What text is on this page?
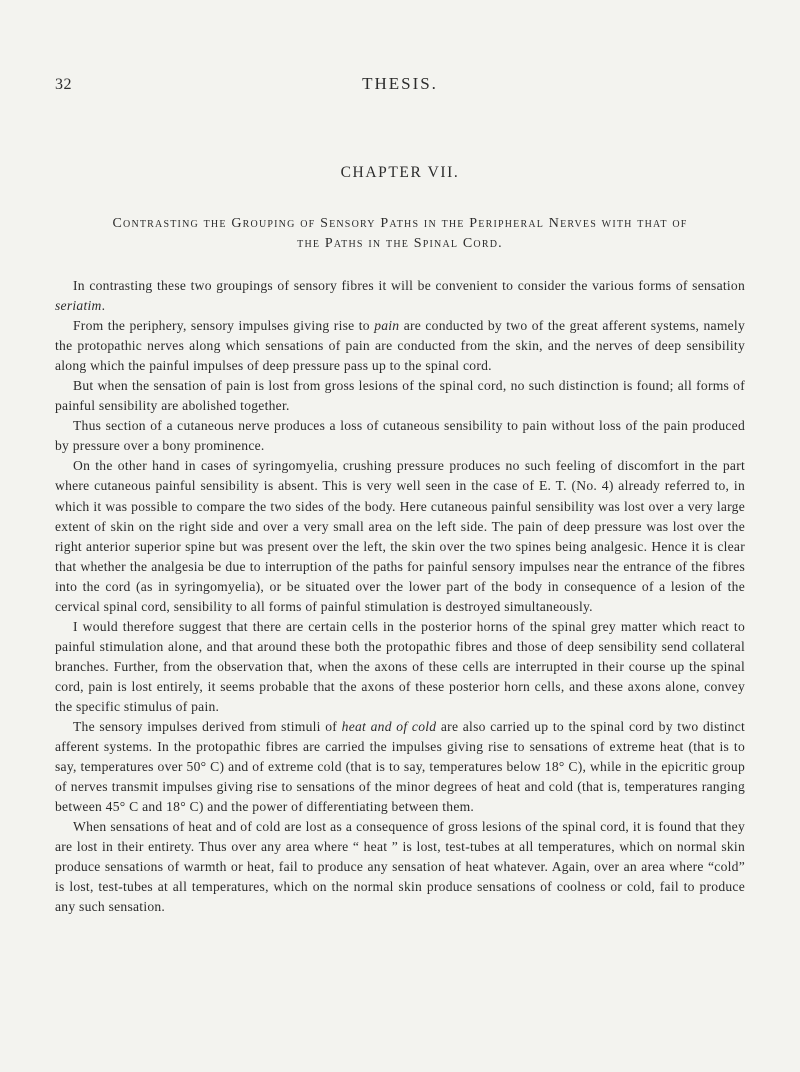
32	THESIS.
CHAPTER VII.
Contrasting the Grouping of Sensory Paths in the Peripheral Nerves with that of the Paths in the Spinal Cord.

In contrasting these two groupings of sensory fibres it will be convenient to consider the various forms of sensation seriatim.

From the periphery, sensory impulses giving rise to pain are conducted by two of the great afferent systems, namely the protopathic nerves along which sensations of pain are conducted from the skin, and the nerves of deep sensibility along which the painful impulses of deep pressure pass up to the spinal cord.

But when the sensation of pain is lost from gross lesions of the spinal cord, no such distinction is found; all forms of painful sensibility are abolished together.

Thus section of a cutaneous nerve produces a loss of cutaneous sensibility to pain without loss of the pain produced by pressure over a bony prominence.

On the other hand in cases of syringomyelia, crushing pressure produces no such feeling of discomfort in the part where cutaneous painful sensibility is absent. This is very well seen in the case of E. T. (No. 4) already referred to, in which it was possible to compare the two sides of the body. Here cutaneous painful sensibility was lost over a very large extent of skin on the right side and over a very small area on the left side. The pain of deep pressure was lost over the right anterior superior spine but was present over the left, the skin over the two spines being analgesic. Hence it is clear that whether the analgesia be due to interruption of the paths for painful sensory impulses near the entrance of the fibres into the cord (as in syringomyelia), or be situated over the lower part of the body in consequence of a lesion of the cervical spinal cord, sensibility to all forms of painful stimulation is destroyed simultaneously.

I would therefore suggest that there are certain cells in the posterior horns of the spinal grey matter which react to painful stimulation alone, and that around these both the protopathic fibres and those of deep sensibility send collateral branches. Further, from the observation that, when the axons of these cells are interrupted in their course up the spinal cord, pain is lost entirely, it seems probable that the axons of these posterior horn cells, and these axons alone, convey the specific stimulus of pain.

The sensory impulses derived from stimuli of heat and of cold are also carried up to the spinal cord by two distinct afferent systems. In the protopathic fibres are carried the impulses giving rise to sensations of extreme heat (that is to say, temperatures over 50° C) and of extreme cold (that is to say, temperatures below 18° C), while in the epicritic group of nerves transmit impulses giving rise to sensations of the minor degrees of heat and cold (that is, temperatures ranging between 45° C and 18° C) and the power of differentiating between them.

When sensations of heat and of cold are lost as a consequence of gross lesions of the spinal cord, it is found that they are lost in their entirety. Thus over any area where “ heat ” is lost, test-tubes at all temperatures, which on normal skin produce sensations of warmth or heat, fail to produce any sensation of heat whatever. Again, over an area where “cold” is lost, test-tubes at all temperatures, which on the normal skin produce sensations of coolness or cold, fail to produce any such sensation.
